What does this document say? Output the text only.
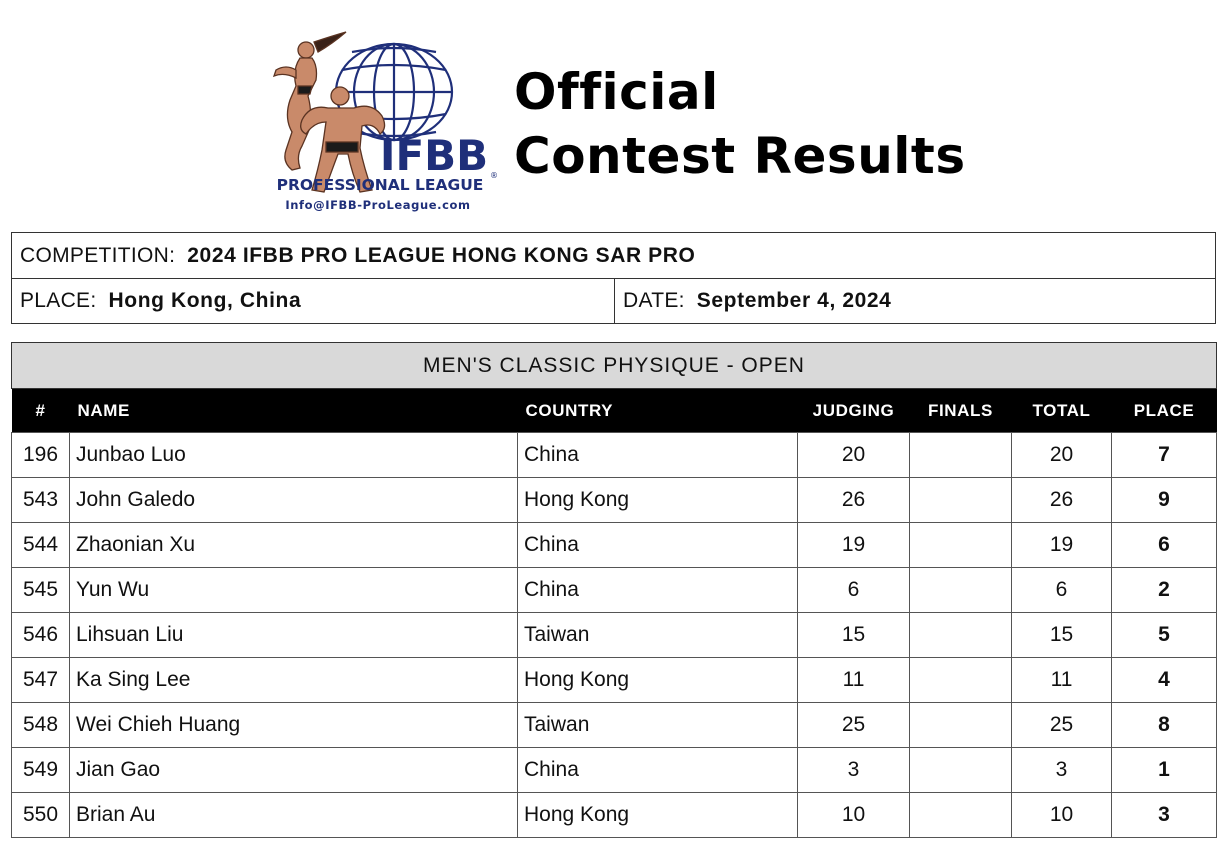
IFBB
PROFESSIONAL LEAGUE
®
Info@IFBB-ProLeague.com
Official
Contest Results
COMPETITION: 2024 IFBB PRO LEAGUE HONG KONG SAR PRO
PLACE: Hong Kong, China	DATE: September 4, 2024
MEN'S CLASSIC PHYSIQUE - OPEN						
#	NAME	COUNTRY	JUDGING	FINALS	TOTAL	PLACE
196	Junbao Luo	China	20		20	7
543	John Galedo	Hong Kong	26		26	9
544	Zhaonian Xu	China	19		19	6
545	Yun Wu	China	6		6	2
546	Lihsuan Liu	Taiwan	15		15	5
547	Ka Sing Lee	Hong Kong	11		11	4
548	Wei Chieh Huang	Taiwan	25		25	8
549	Jian Gao	China	3		3	1
550	Brian Au	Hong Kong	10		10	3
